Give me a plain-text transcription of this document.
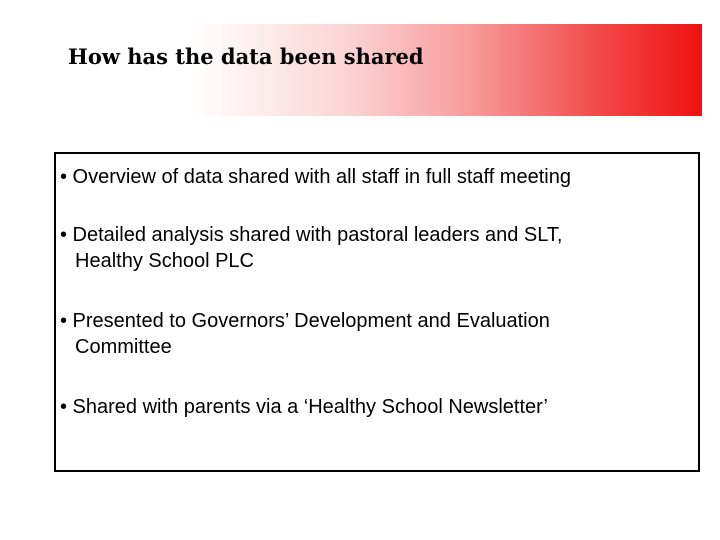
How has the data been shared
• Overview of data shared with all staff in full staff meeting
• Detailed analysis shared with pastoral leaders and SLT,
Healthy School PLC
• Presented to Governors’ Development and Evaluation
Committee
• Shared with parents via a ‘Healthy School Newsletter’
